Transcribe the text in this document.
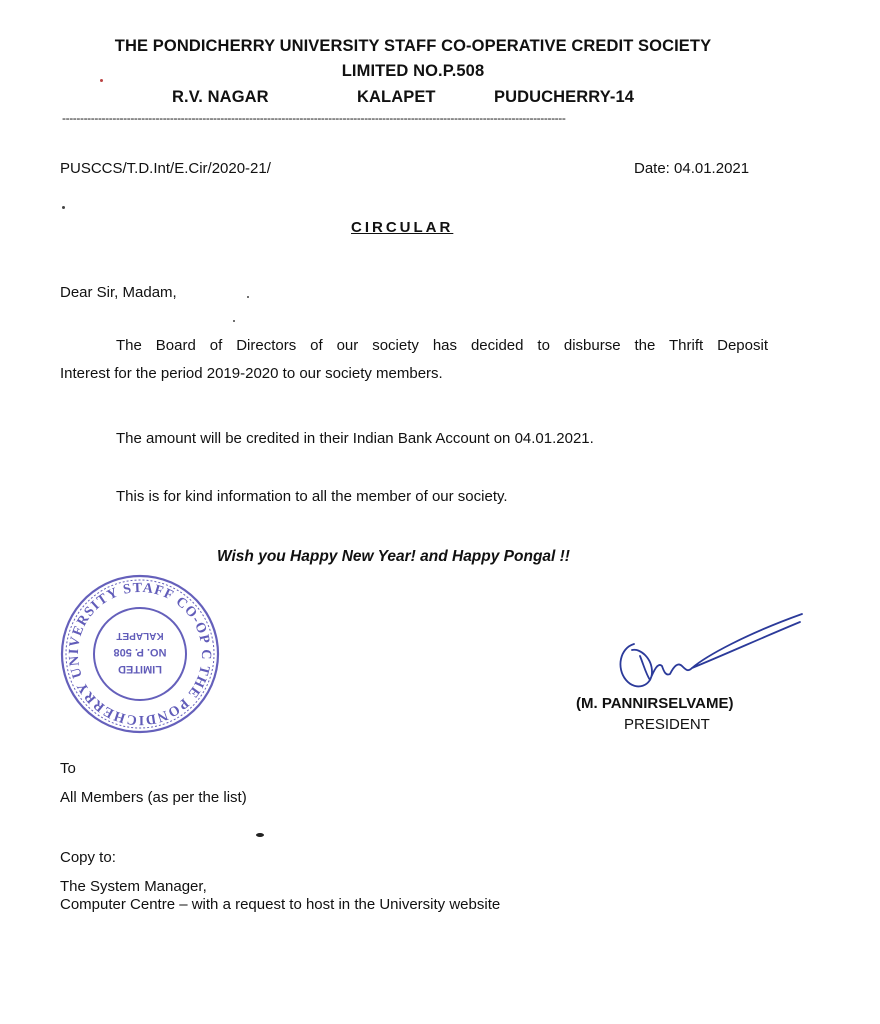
THE PONDICHERRY UNIVERSITY STAFF CO-OPERATIVE CREDIT SOCIETY
LIMITED NO.P.508
R.V. NAGAR	KALAPET	PUDUCHERRY-14
--------------------------------------------------------------------------------------------------------------------------------------------
PUSCCS/T.D.Int/E.Cir/2020-21/	Date: 04.01.2021
CIRCULAR
Dear Sir, Madam,
The Board of Directors of our society has decided to disburse the Thrift Deposit
Interest for the period 2019-2020 to our society members.
The amount will be credited in their Indian Bank Account on 04.01.2021.
This is for kind information to all the member of our society.
Wish you Happy New Year! and Happy Pongal !!
THE PONDICHERRY UNIVERSITY STAFF CO-OP CREDIT
LIMITED
NO. P. 508
KALAPET
(M. PANNIRSELVAME)
PRESIDENT
To
All Members (as per the list)
Copy to:
The System Manager,
Computer Centre – with a request to host in the University website
